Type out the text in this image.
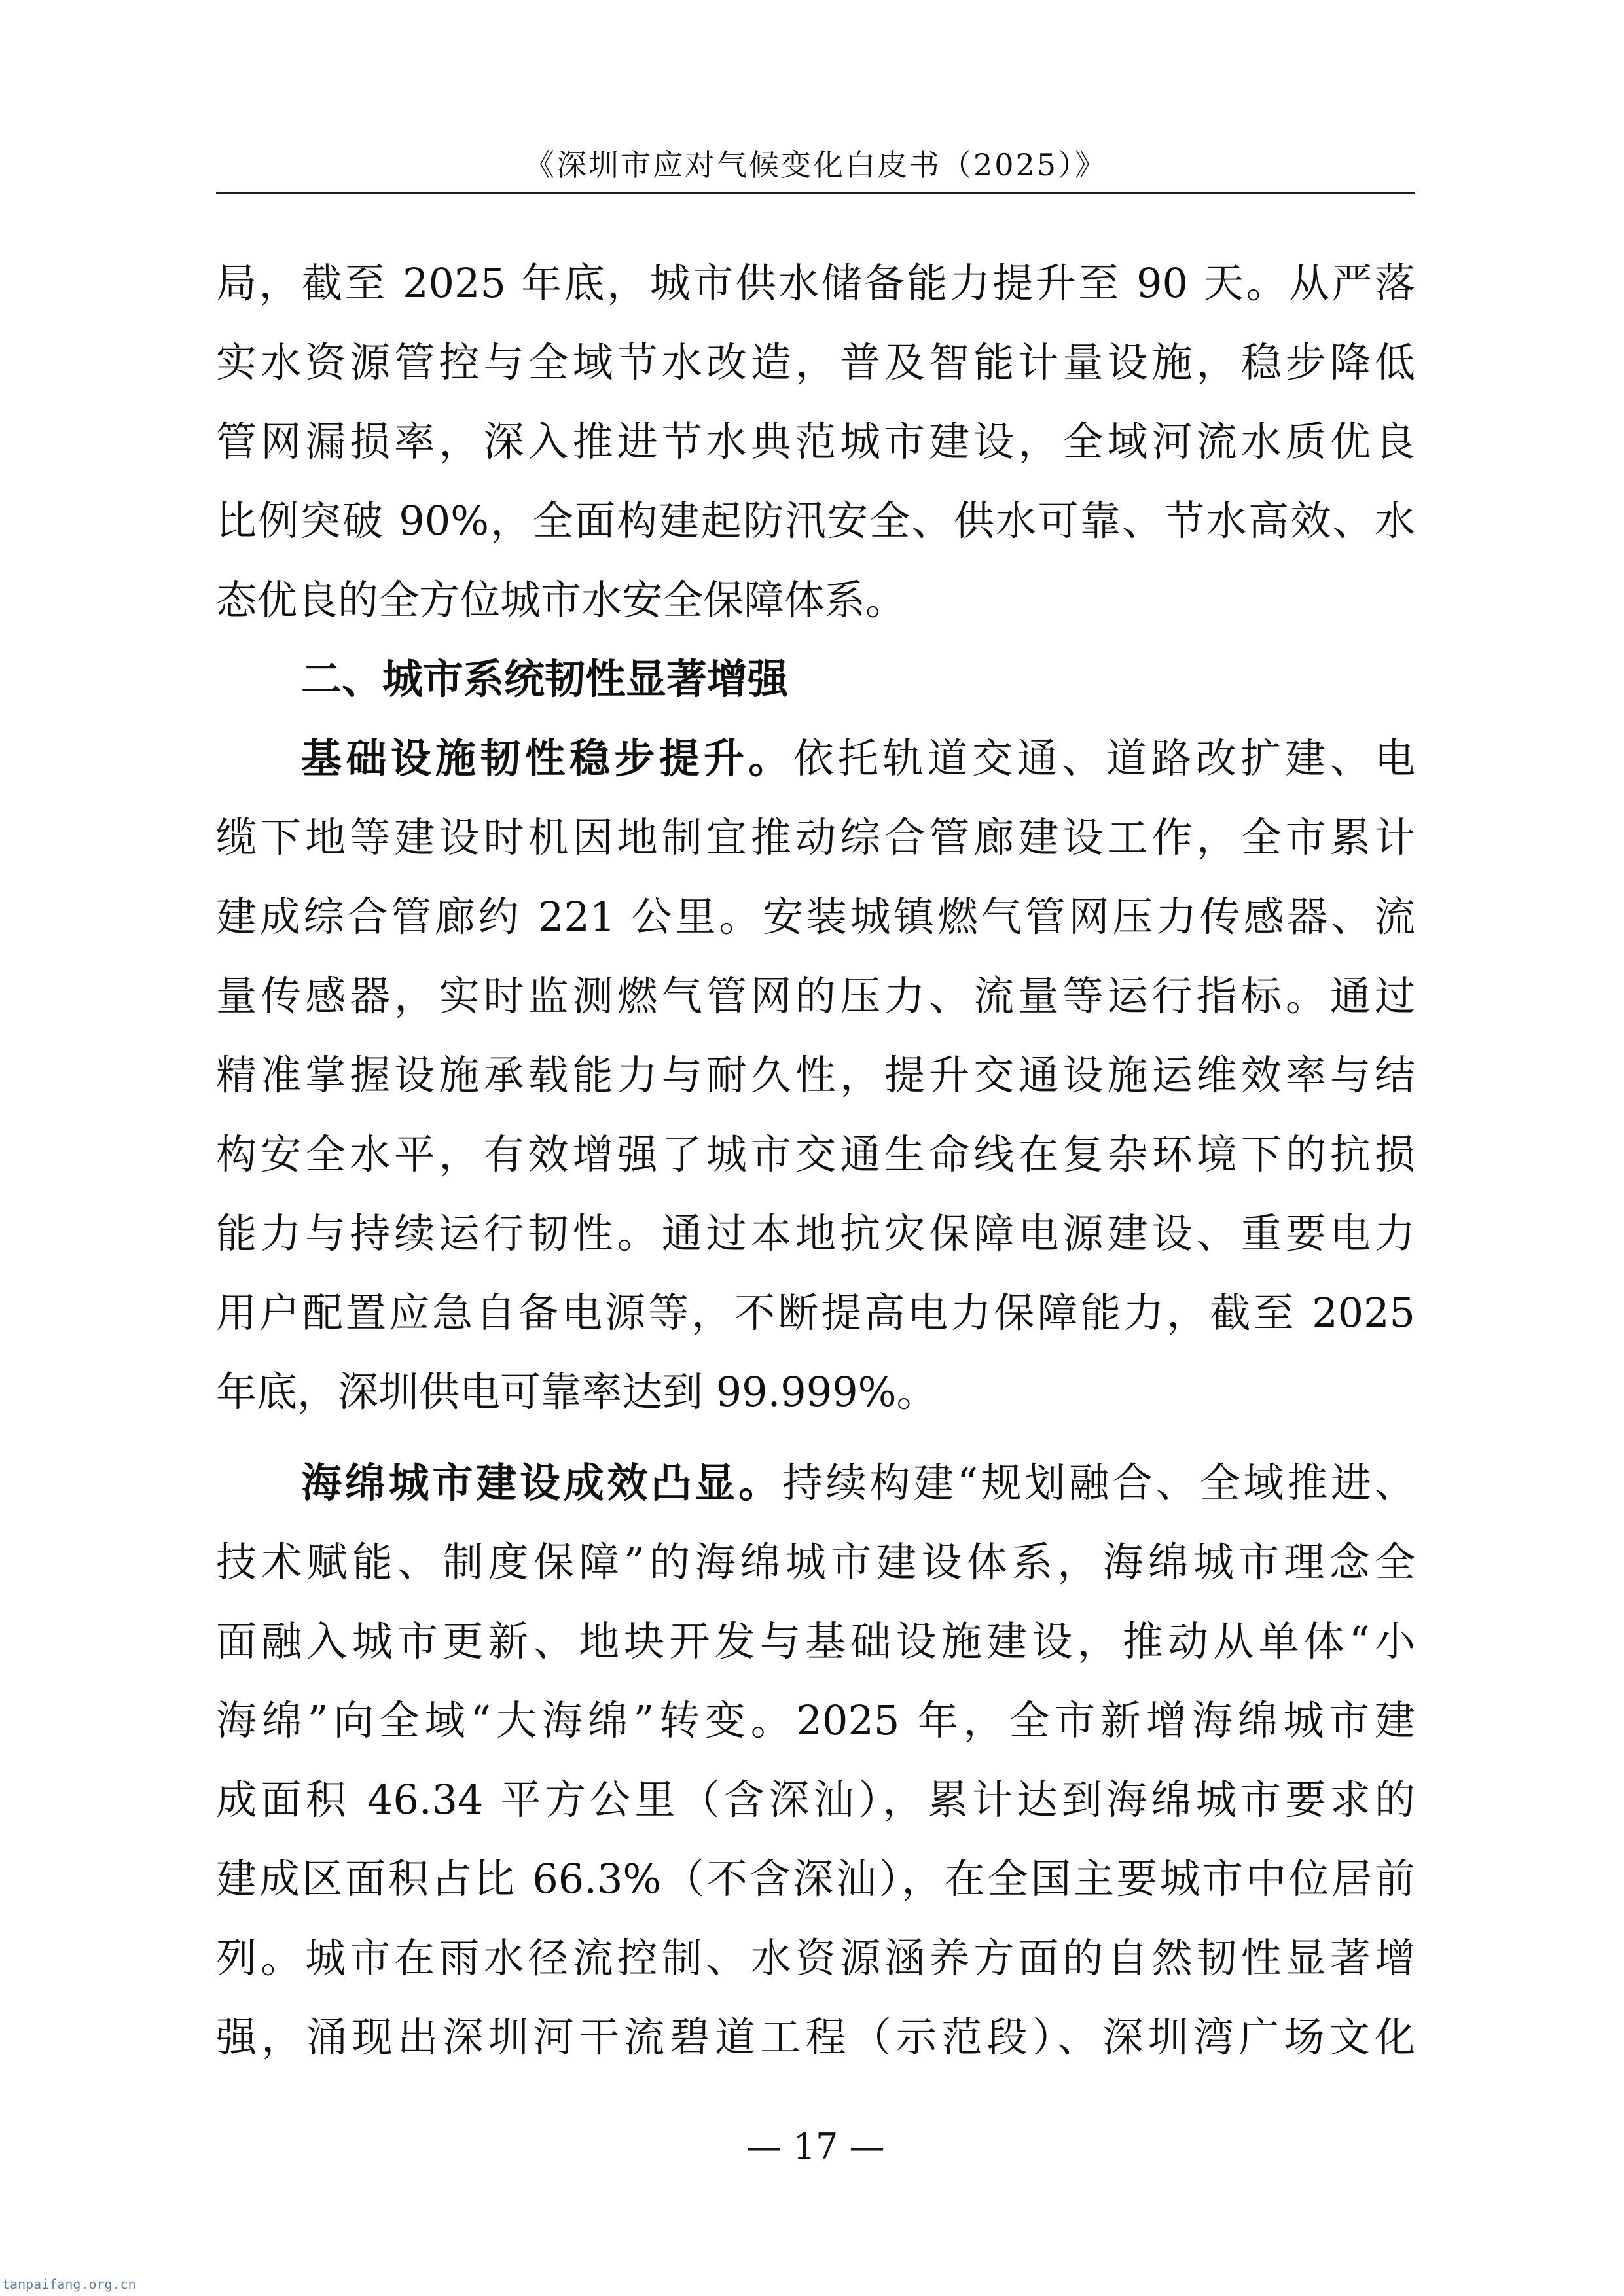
《深圳市应对气候变化白皮书（2025）》
局，截至 2025 年底，城市供水储备能力提升至 90 天。从严落
实水资源管控与全域节水改造，普及智能计量设施，稳步降低
管网漏损率，深入推进节水典范城市建设，全域河流水质优良
比例突破 90%，全面构建起防汛安全、供水可靠、节水高效、水
态优良的全方位城市水安全保障体系。
二、城市系统韧性显著增强
基础设施韧性稳步提升。依托轨道交通、道路改扩建、电
缆下地等建设时机因地制宜推动综合管廊建设工作，全市累计
建成综合管廊约 221 公里。安装城镇燃气管网压力传感器、流
量传感器，实时监测燃气管网的压力、流量等运行指标。通过
精准掌握设施承载能力与耐久性，提升交通设施运维效率与结
构安全水平，有效增强了城市交通生命线在复杂环境下的抗损
能力与持续运行韧性。通过本地抗灾保障电源建设、重要电力
用户配置应急自备电源等，不断提高电力保障能力，截至 2025
年底，深圳供电可靠率达到 99.999%。
海绵城市建设成效凸显。持续构建“规划融合、全域推进、
技术赋能、制度保障”的海绵城市建设体系，海绵城市理念全
面融入城市更新、地块开发与基础设施建设，推动从单体“小
海绵”向全域“大海绵”转变。2025 年，全市新增海绵城市建
成面积 46.34 平方公里（含深汕），累计达到海绵城市要求的
建成区面积占比 66.3%（不含深汕），在全国主要城市中位居前
列。城市在雨水径流控制、水资源涵养方面的自然韧性显著增
强，涌现出深圳河干流碧道工程（示范段）、深圳湾广场文化
— 17 —
tanpaifang.org.cn
